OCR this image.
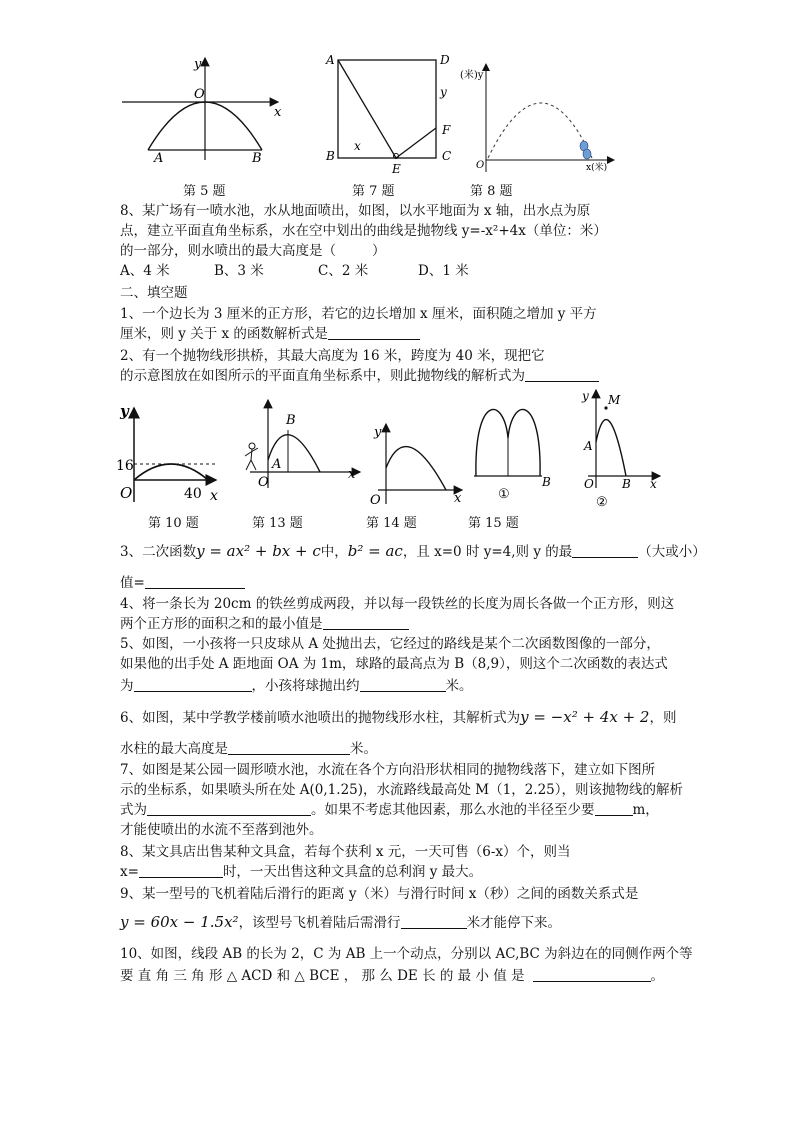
y
O
x
A	B
第 5 题
A	D
y
F
B
x
E
C
第 7 题
(米)y
O	x(米)
第 8 题
8、某广场有一喷水池，水从地面喷出，如图，以水平地面为 x 轴，出水点为原
点，建立平面直角坐标系，水在空中划出的曲线是抛物线 y=-x²+4x（单位：米）
的一部分，则水喷出的最大高度是（	）
A、4 米	B、3 米	C、2 米	D、1 米
二、填空题
1、一个边长为 3 厘米的正方形，若它的边长增加 x 厘米，面积随之增加 y 平方
厘米，则 y 关于 x 的函数解析式是
2、有一个抛物线形拱桥，其最大高度为 16 米，跨度为 40 米，现把它
的示意图放在如图所示的平面直角坐标系中，则此抛物线的解析式为
y
16
O	40 x
第 10 题
B
A
O
x
第 13 题
y
O	x
第 14 题
①
B
第 15 题
y M
A
O B x
②
3、二次函数y = ax² + bx + c中，b² = ac，且 x=0 时 y=4,则 y 的最	（大或小）
值=
4、将一条长为 20cm 的铁丝剪成两段，并以每一段铁丝的长度为周长各做一个正方形，则这
两个正方形的面积之和的最小值是
5、如图，一小孩将一只皮球从 A 处抛出去，它经过的路线是某个二次函数图像的一部分，
如果他的出手处 A 距地面 OA 为 1m，球路的最高点为 B（8,9），则这个二次函数的表达式
为	，小孩将球抛出约	米。
6、如图，某中学教学楼前喷水池喷出的抛物线形水柱，其解析式为y = −x² + 4x + 2，则
水柱的最大高度是	米。
7、如图是某公园一圆形喷水池，水流在各个方向沿形状相同的抛物线落下，建立如下图所
示的坐标系，如果喷头所在处 A(0,1.25)，水流路线最高处 M（1，2.25），则该抛物线的解析
式为	。如果不考虑其他因素，那么水池的半径至少要	m，
才能使喷出的水流不至落到池外。
8、某文具店出售某种文具盒，若每个获利 x 元，一天可售（6-x）个，则当
x=	时，一天出售这种文具盒的总利润 y 最大。
9、某一型号的飞机着陆后滑行的距离 y（米）与滑行时间 x（秒）之间的函数关系式是
y = 60x − 1.5x²，该型号飞机着陆后需滑行	米才能停下来。
10、如图，线段 AB 的长为 2，C 为 AB 上一个动点，分别以 AC,BC 为斜边在的同侧作两个等
要 直 角 三 角 形 △ ACD 和 △ BCE ， 那 么 DE 长 的 最 小 值 是	。
